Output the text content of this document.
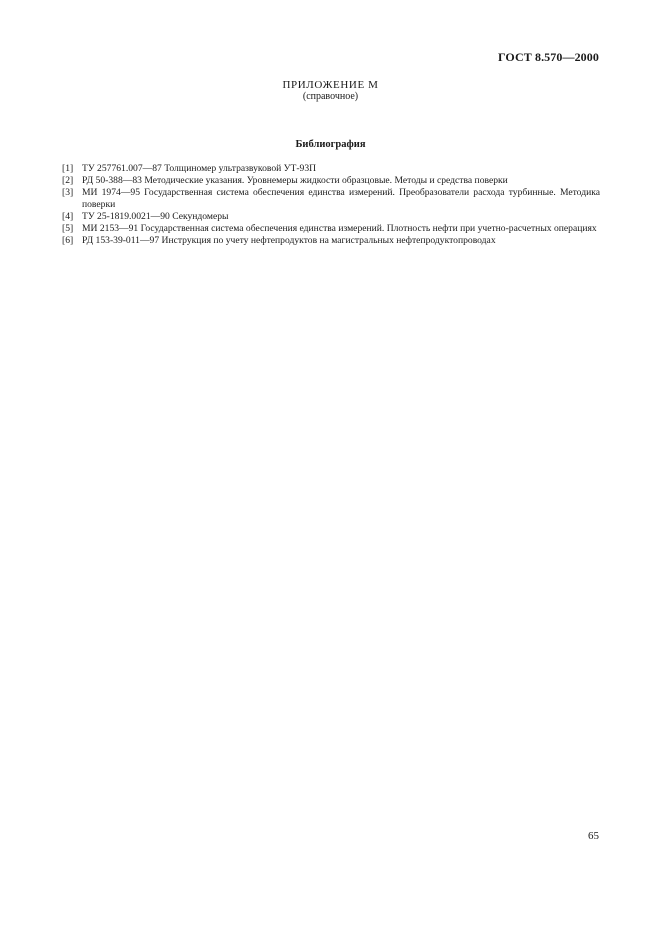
ГОСТ 8.570—2000
ПРИЛОЖЕНИЕ М
(справочное)
Библиография
[1] ТУ 257761.007—87 Толщиномер ультразвуковой УТ-93П
[2] РД 50-388—83 Методические указания. Уровнемеры жидкости образцовые. Методы и средства поверки
[3] МИ 1974—95 Государственная система обеспечения единства измерений. Преобразователи расхода турбинные. Методика поверки
[4] ТУ 25-1819.0021—90 Секундомеры
[5] МИ 2153—91 Государственная система обеспечения единства измерений. Плотность нефти при учетно-расчетных операциях
[6] РД 153-39-011—97 Инструкция по учету нефтепродуктов на магистральных нефтепродуктопроводах
65
